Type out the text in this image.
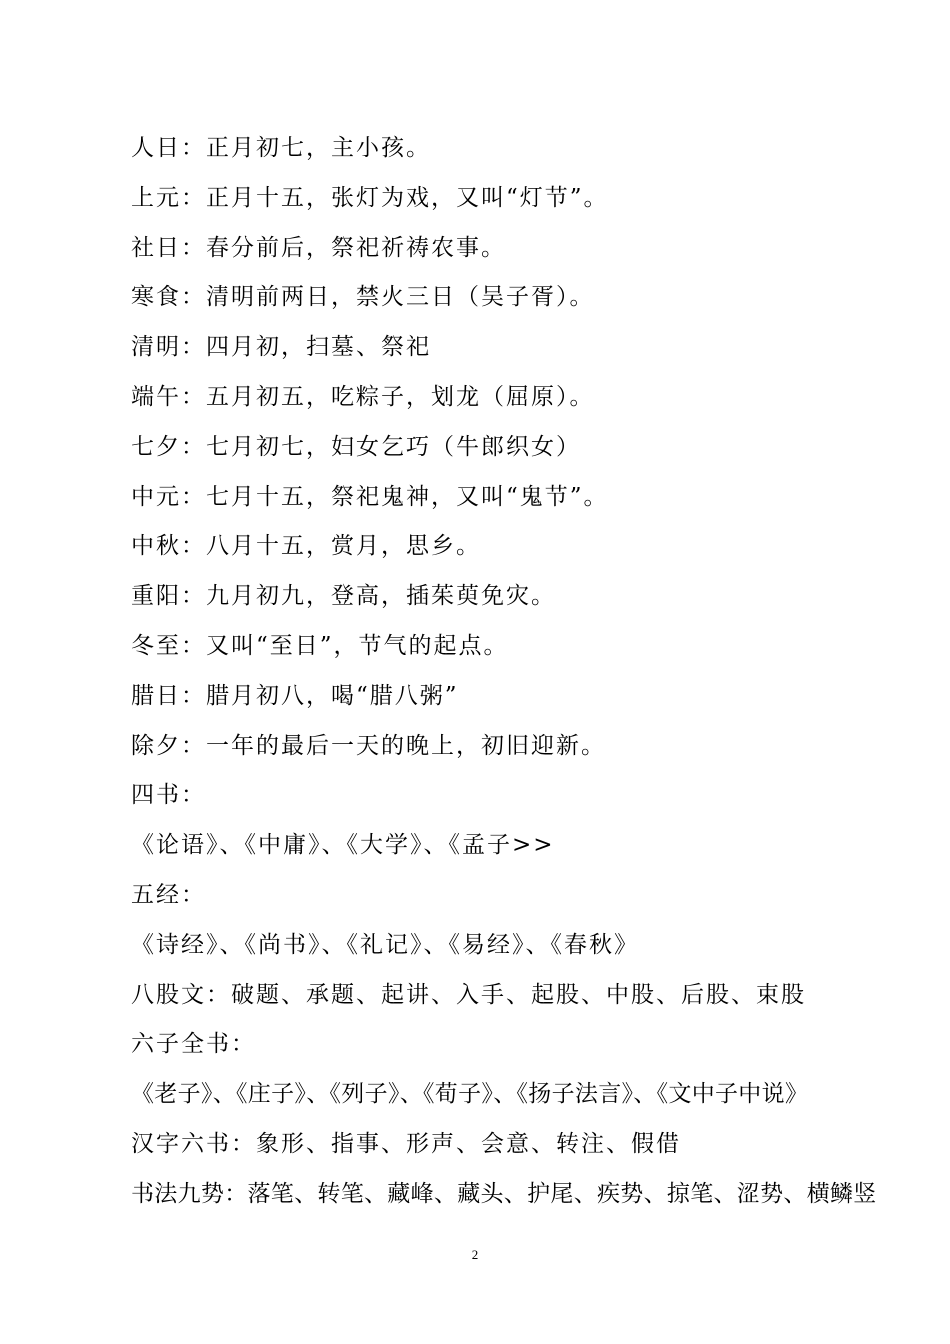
人日：正月初七，主小孩。
上元：正月十五，张灯为戏，又叫“灯节”。
社日：春分前后，祭祀祈祷农事。
寒食：清明前两日，禁火三日（吴子胥）。
清明：四月初，扫墓、祭祀
端午：五月初五，吃粽子，划龙（屈原）。
七夕：七月初七，妇女乞巧（牛郎织女）
中元：七月十五，祭祀鬼神，又叫“鬼节”。
中秋：八月十五，赏月，思乡。
重阳：九月初九，登高，插茱萸免灾。
冬至：又叫“至日”，节气的起点。
腊日：腊月初八，喝“腊八粥”
除夕：一年的最后一天的晚上，初旧迎新。
四书：
《论语》、《中庸》、《大学》、《孟子>>
五经：
《诗经》、《尚书》、《礼记》、《易经》、《春秋》
八股文：破题、承题、起讲、入手、起股、中股、后股、束股
六子全书：
《老子》、《庄子》、《列子》、《荀子》、《扬子法言》、《文中子中说》
汉字六书：象形、指事、形声、会意、转注、假借
书法九势：落笔、转笔、藏峰、藏头、护尾、疾势、掠笔、涩势、横鳞竖
2
